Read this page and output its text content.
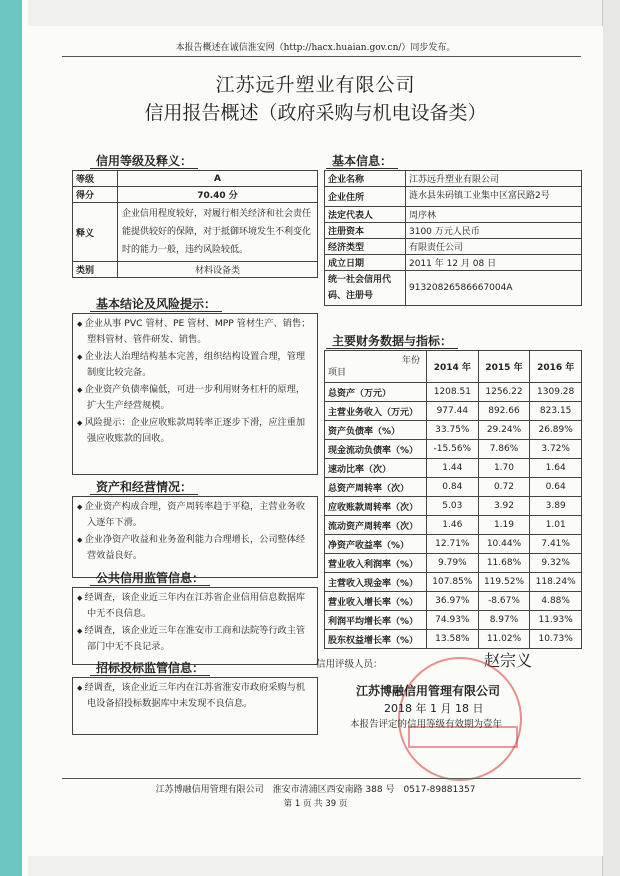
本报告概述在诚信淮安网（http://hacx.huaian.gov.cn/）同步发布。
江苏远升塑业有限公司
信用报告概述（政府采购与机电设备类）
信用等级及释义：
等级	A
得分	70.40 分
释义	企业信用程度较好，对履行相关经济和社会责任能提供较好的保障，对于抵御环境发生不利变化时的能力一般，违约风险较低。
类别	材料设备类
基本结论及风险提示：

◆ 企业从事 PVC 管材、PE 管材、MPP 管材生产、销售；塑料管材、管件研发、销售。

◆ 企业法人治理结构基本完善，组织结构设置合理，管理制度比较完备。

◆ 企业资产负债率偏低，可进一步利用财务杠杆的原理，扩大生产经营规模。

◆ 风险提示：企业应收账款周转率正逐步下滑，应注重加强应收账款的回收。

资产和经营情况：

◆ 企业资产构成合理，资产周转率趋于平稳，主营业务收入逐年下滑。

◆ 企业净资产收益和业务盈利能力合理增长，公司整体经营效益良好。

公共信用监管信息：

◆ 经调查，该企业近三年内在江苏省企业信用信息数据库中无不良信息。

◆ 经调查，该企业近三年在淮安市工商和法院等行政主管部门中无不良记录。

招标投标监管信息：

◆ 经调查，该企业近三年内在江苏省淮安市政府采购与机电设备招投标数据库中未发现不良信息。

基本信息：
企业名称	江苏远升塑业有限公司
企业住所	涟水县朱码镇工业集中区富民路2号
法定代表人	周序林
注册资本	3100 万元人民币
经济类型	有限责任公司
成立日期	2011 年 12 月 08 日
统一社会信用代码、注册号	91320826586667004A
主要财务数据与指标：
年份
项目	2014 年	2015 年	2016 年
总资产（万元）	1208.51	1256.22	1309.28
主营业务收入（万元）	977.44	892.66	823.15
资产负债率（%）	33.75%	29.24%	26.89%
现金流动负债率（%）	-15.56%	7.86%	3.72%
速动比率（次）	1.44	1.70	1.64
总资产周转率（次）	0.84	0.72	0.64
应收账款周转率（次）	5.03	3.92	3.89
流动资产周转率（次）	1.46	1.19	1.01
净资产收益率（%）	12.71%	10.44%	7.41%
营业收入利润率（%）	9.79%	11.68%	9.32%
主营收入现金率（%）	107.85%	119.52%	118.24%
营业收入增长率（%）	36.97%	-8.67%	4.88%
利润平均增长率（%）	74.93%	8.97%	11.93%
股东权益增长率（%）	13.58%	11.02%	10.73%
信用评级人员：	赵宗义
江苏博融信用管理有限公司
2018 年 1 月 18 日
本报告评定的信用等级有效期为壹年
江苏博融信用管理有限公司　淮安市清浦区西安南路 388 号　0517-89881357
第 1 页 共 39 页
